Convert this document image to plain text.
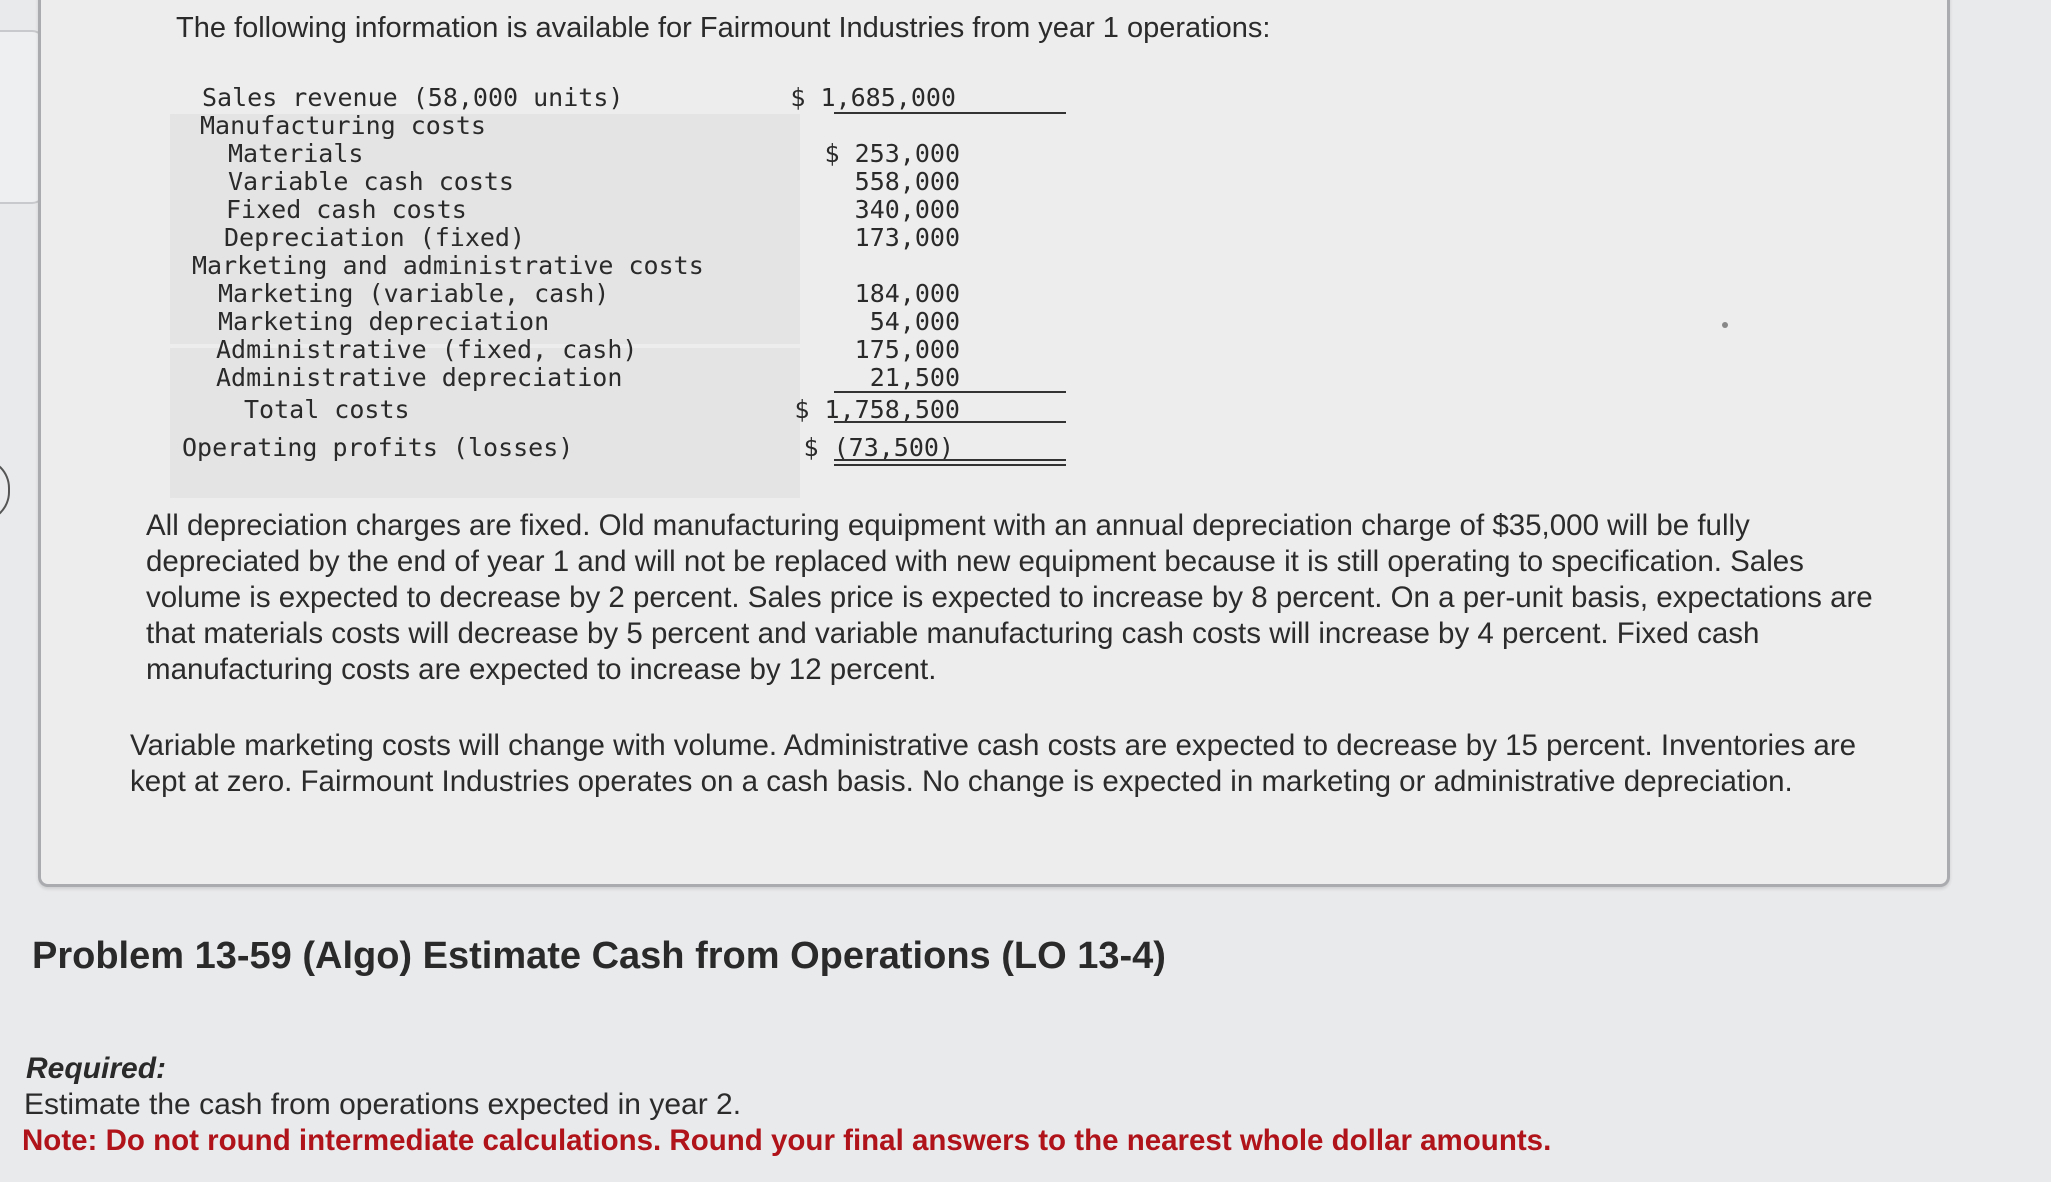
The following information is available for Fairmount Industries from year 1 operations:
Sales revenue (58,000 units)	$ 1,685,000
Manufacturing costs
Materials	$ 253,000
Variable cash costs	558,000
Fixed cash costs	340,000
Depreciation (fixed)	173,000
Marketing and administrative costs
Marketing (variable, cash)	184,000
Marketing depreciation	54,000
Administrative (fixed, cash)	175,000
Administrative depreciation	21,500
Total costs	$ 1,758,500
Operating profits (losses)	$ (73,500)
All depreciation charges are fixed. Old manufacturing equipment with an annual depreciation charge of $35,000 will be fully depreciated by the end of year 1 and will not be replaced with new equipment because it is still operating to specification. Sales volume is expected to decrease by 2 percent. Sales price is expected to increase by 8 percent. On a per-unit basis, expectations are that materials costs will decrease by 5 percent and variable manufacturing cash costs will increase by 4 percent. Fixed cash manufacturing costs are expected to increase by 12 percent.
Variable marketing costs will change with volume. Administrative cash costs are expected to decrease by 15 percent. Inventories are kept at zero. Fairmount Industries operates on a cash basis. No change is expected in marketing or administrative depreciation.
Problem 13-59 (Algo) Estimate Cash from Operations (LO 13-4)
Required:
Estimate the cash from operations expected in year 2.
Note: Do not round intermediate calculations. Round your final answers to the nearest whole dollar amounts.
